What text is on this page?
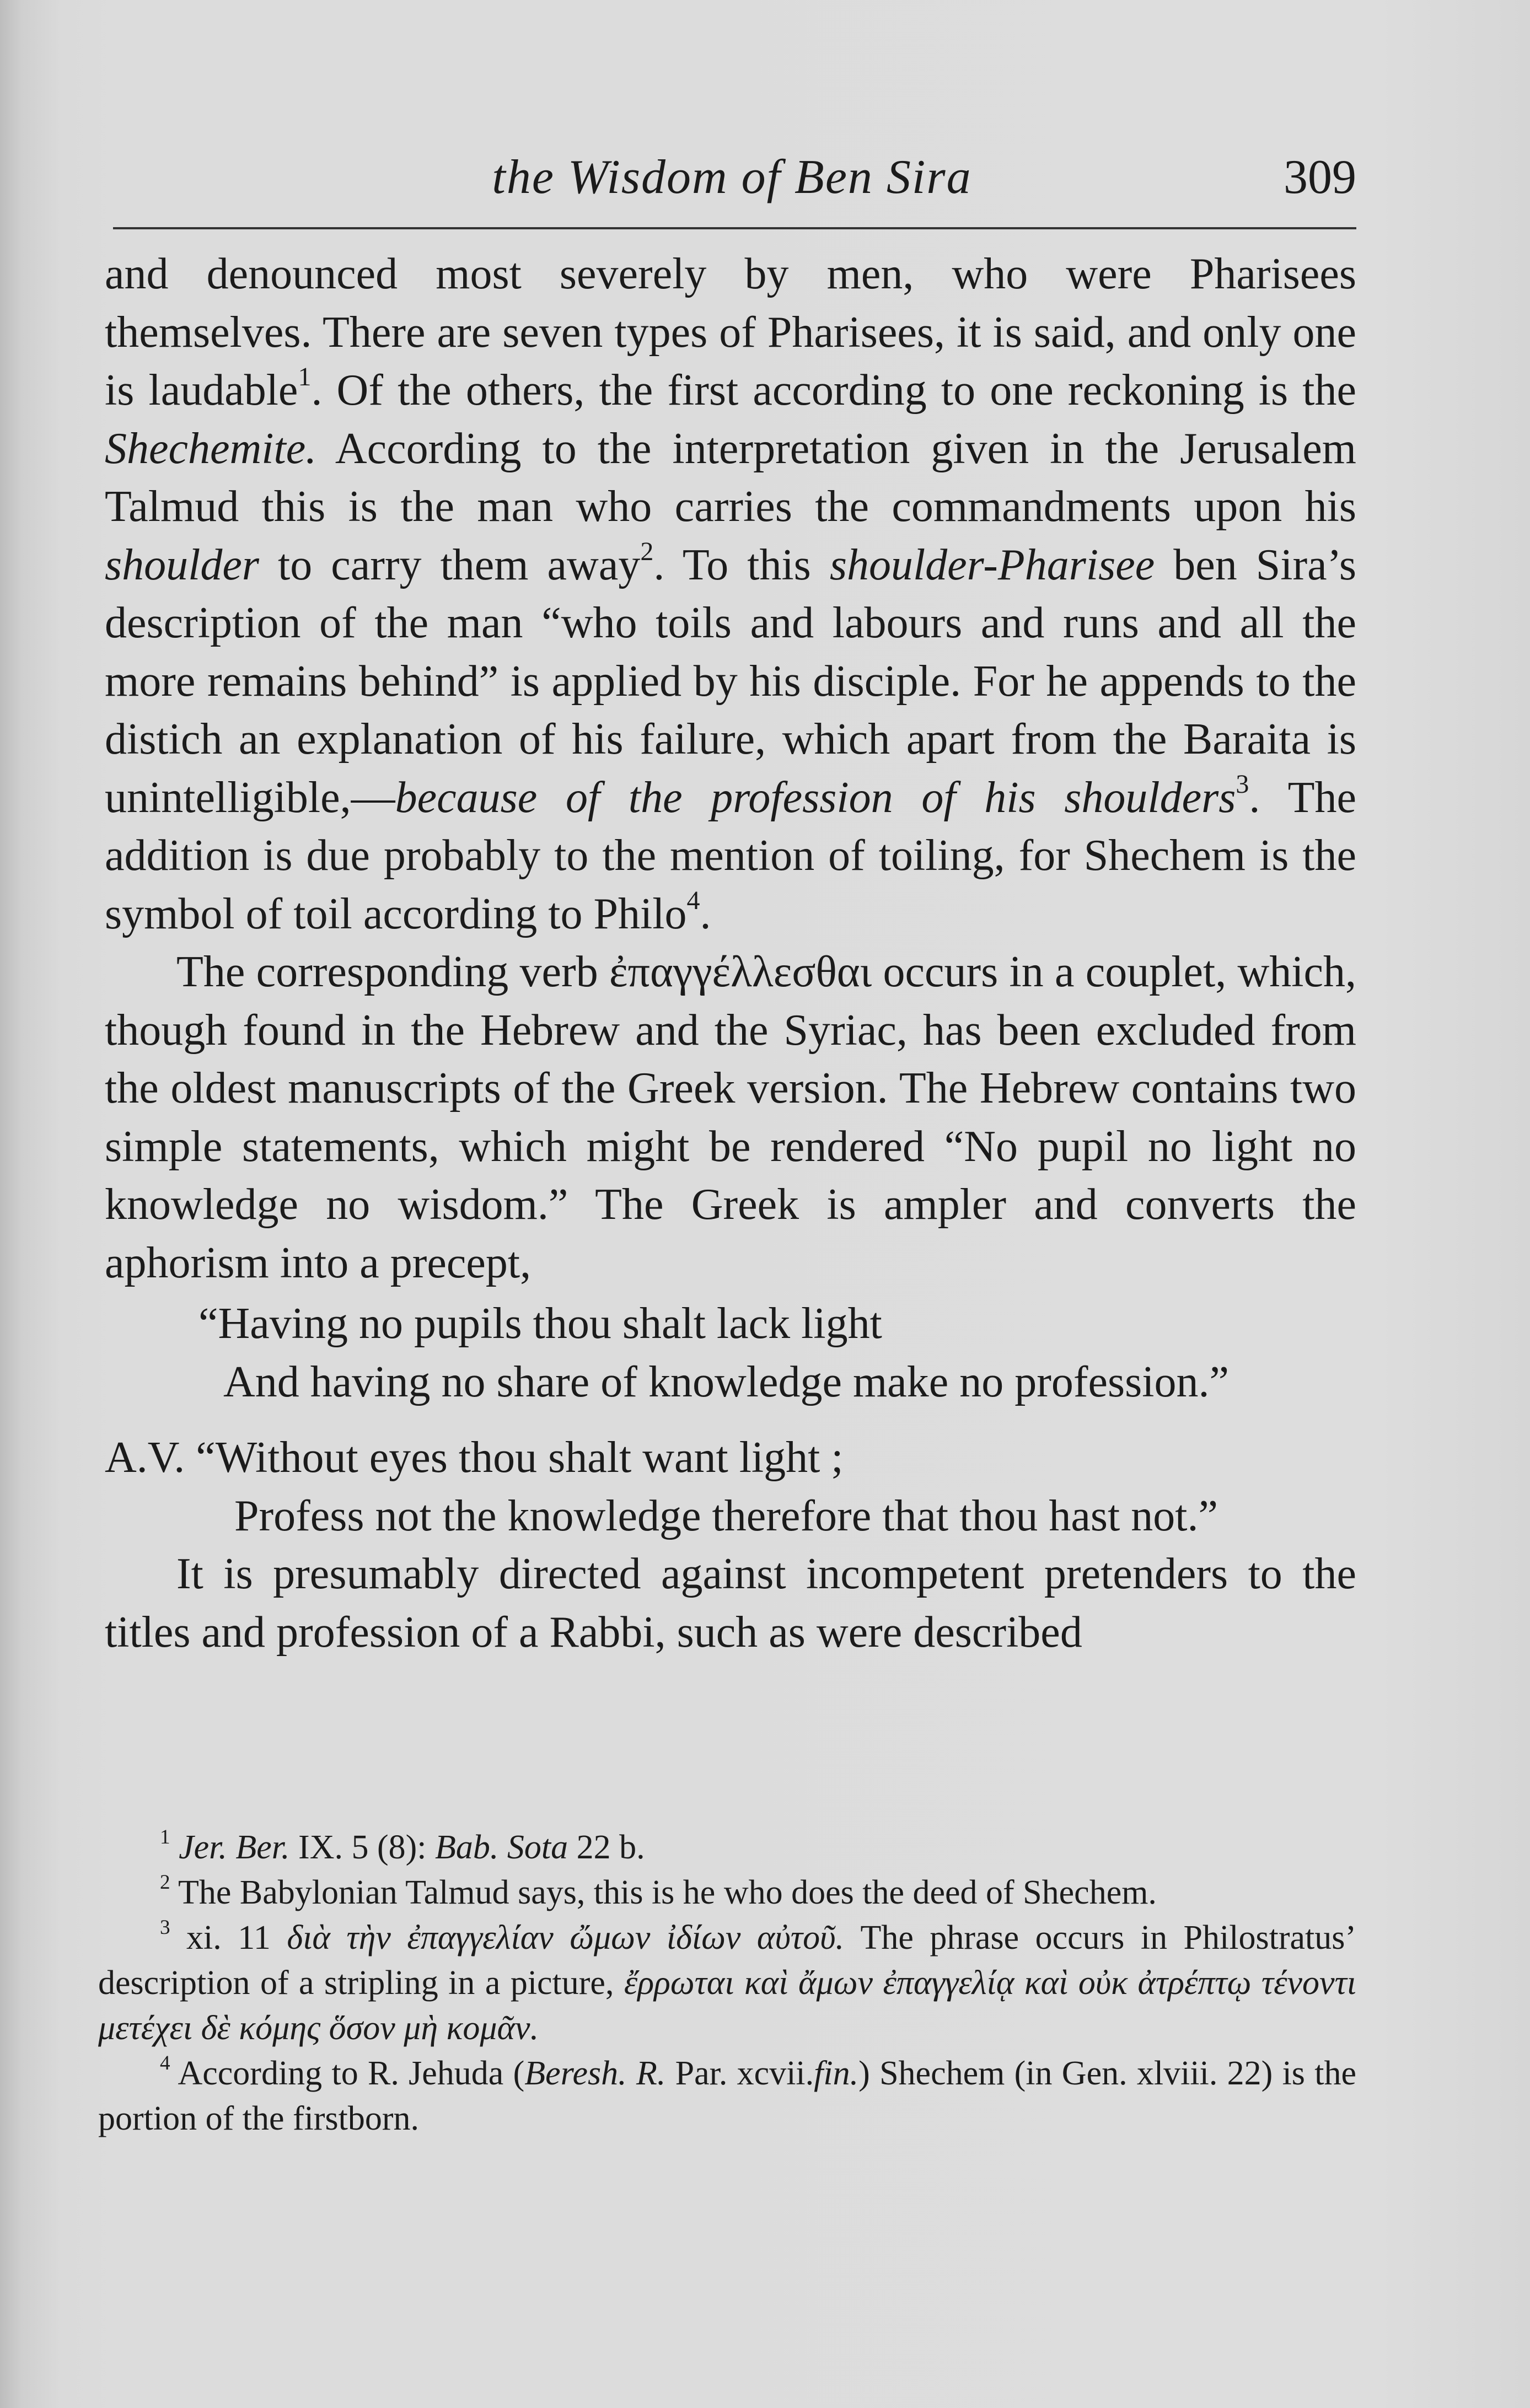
the Wisdom of Ben Sira	309

and denounced most severely by men, who were Pharisees themselves. There are seven types of Pharisees, it is said, and only one is laudable$^1$. Of the others, the first according to one reckoning is the Shechemite. According to the interpretation given in the Jerusalem Talmud this is the man who carries the commandments upon his shoulder to carry them away$^2$. To this shoulder-Pharisee ben Sira’s description of the man “who toils and labours and runs and all the more remains behind” is applied by his disciple. For he appends to the distich an explanation of his failure, which apart from the Baraita is unintelligible,—because of the profession of his shoulders$^3$. The addition is due probably to the mention of toiling, for Shechem is the symbol of toil according to Philo$^4$.

The corresponding verb ἐπαγγέλλεσθαι occurs in a couplet, which, though found in the Hebrew and the Syriac, has been excluded from the oldest manuscripts of the Greek version. The Hebrew contains two simple statements, which might be rendered “No pupil no light no knowledge no wisdom.” The Greek is ampler and converts the aphorism into a precept,

“Having no pupils thou shalt lack light
And having no share of knowledge make no profession.”
A.V. “Without eyes thou shalt want light ;
Profess not the knowledge therefore that thou hast not.”

It is presumably directed against incompetent pretenders to the titles and profession of a Rabbi, such as were described

$^1$ Jer. Ber. IX. 5 (8): Bab. Sota 22 b.

$^2$ The Babylonian Talmud says, this is he who does the deed of Shechem.

$^3$ xi. 11 διὰ τὴν ἐπαγγελίαν ὤμων ἰδίων αὐτοῦ. The phrase occurs in Philostratus’ description of a stripling in a picture, ἔρρωται καὶ ἄμων ἐπαγγελίᾳ καὶ οὐκ ἀτρέπτῳ τένοντι μετέχει δὲ κόμης ὅσον μὴ κομᾶν.

$^4$ According to R. Jehuda (Beresh. R. Par. xcvii.fin.) Shechem (in Gen. xlviii. 22) is the portion of the firstborn.
